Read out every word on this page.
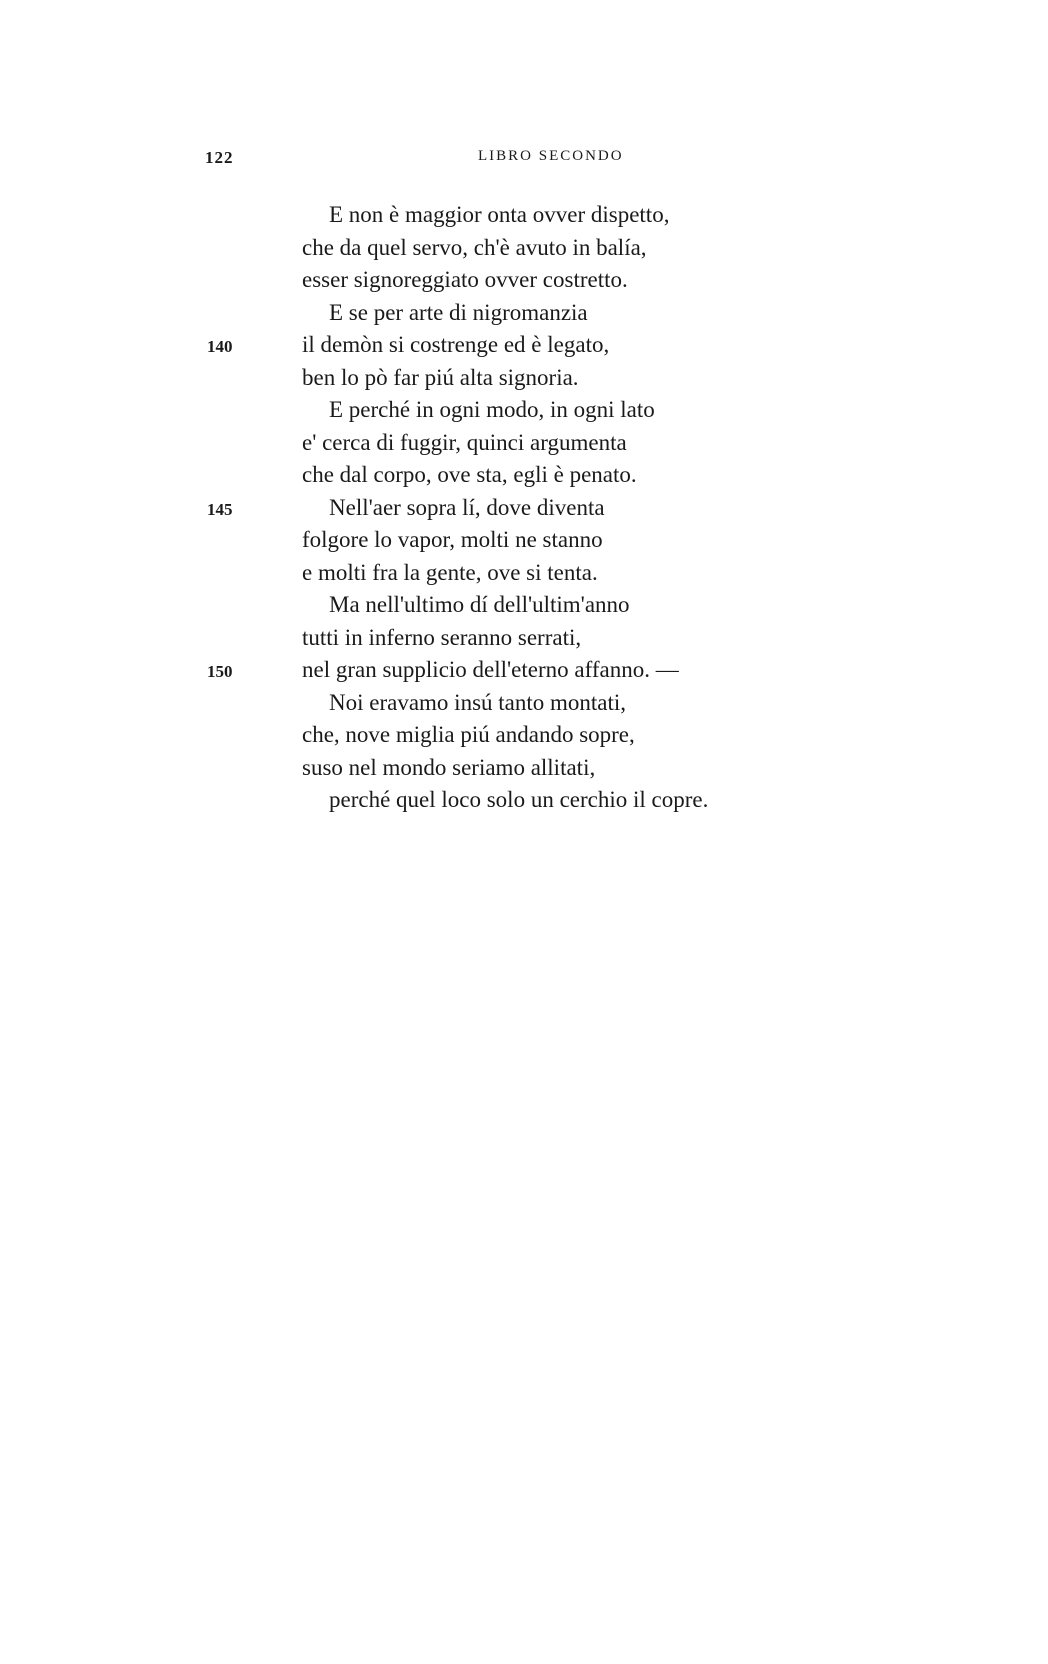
122	LIBRO SECONDO
E non è maggior onta ovver dispetto,
che da quel servo, ch'è avuto in balía,
esser signoreggiato ovver costretto.
E se per arte di nigromanzia
140	il demòn si costrenge ed è legato,
ben lo pò far piú alta signoria.
E perché in ogni modo, in ogni lato
e' cerca di fuggir, quinci argumenta
che dal corpo, ove sta, egli è penato.
145	Nell'aer sopra lí, dove diventa
folgore lo vapor, molti ne stanno
e molti fra la gente, ove si tenta.
Ma nell'ultimo dí dell'ultim'anno
tutti in inferno seranno serrati,
150	nel gran supplicio dell'eterno affanno. —
Noi eravamo insú tanto montati,
che, nove miglia piú andando sopre,
suso nel mondo seriamo allitati,
perché quel loco solo un cerchio il copre.
